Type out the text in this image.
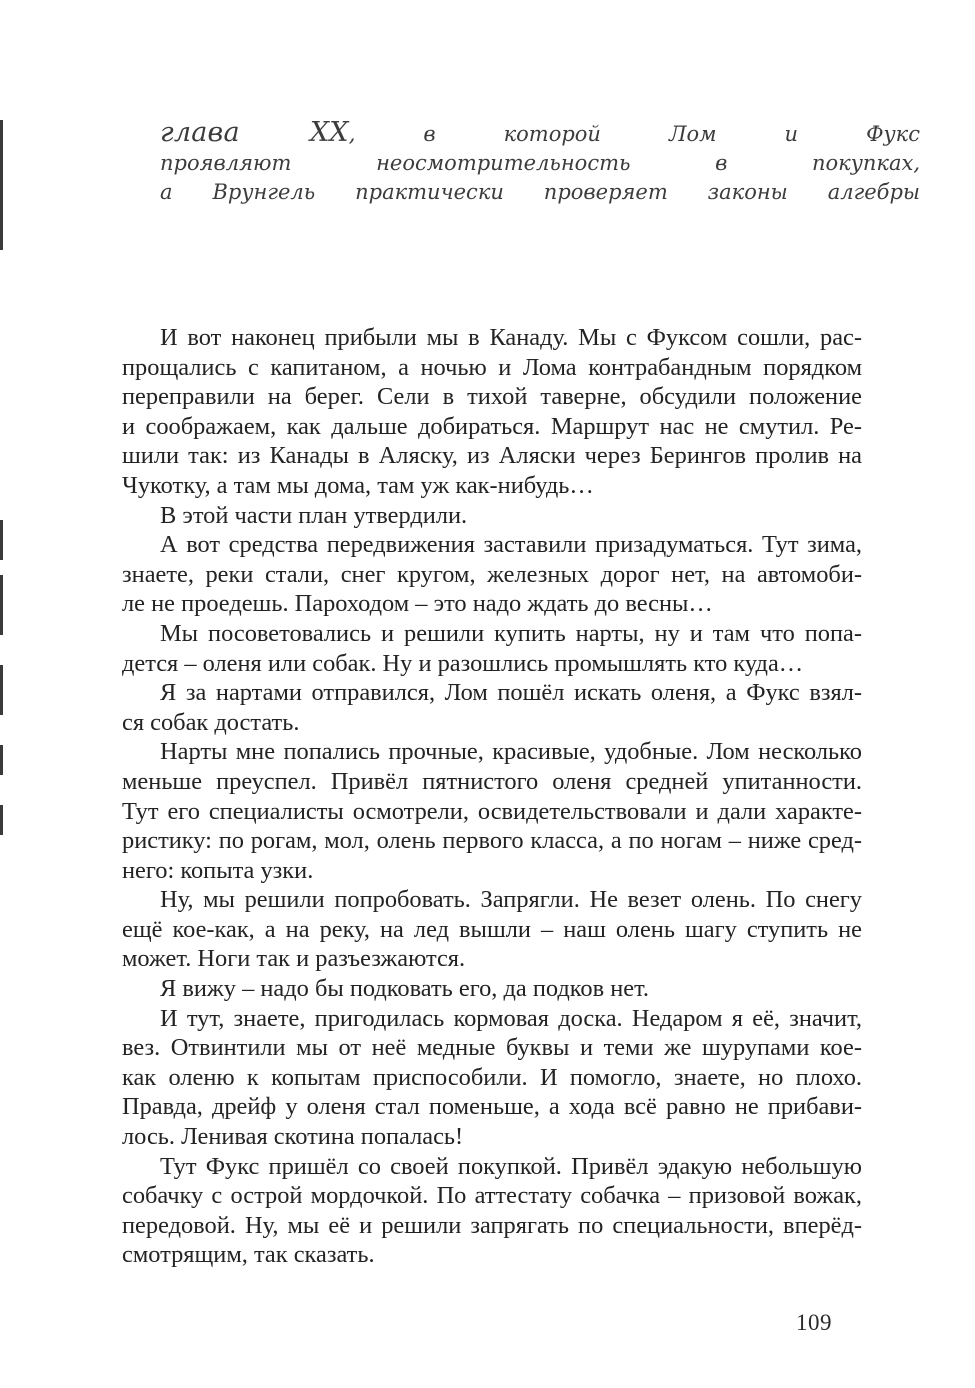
глава XX, в которой Лом и Фукс
проявляют неосмотрительность в покупках,
а Врунгель практически проверяет законы алгебры
И вот наконец прибыли мы в Канаду. Мы с Фуксом сошли, рас-
прощались с капитаном, а ночью и Лома контрабандным порядком
переправили на берег. Сели в тихой таверне, обсудили положение
и соображаем, как дальше добираться. Маршрут нас не смутил. Ре-
шили так: из Канады в Аляску, из Аляски через Берингов пролив на
Чукотку, а там мы дома, там уж как-нибудь…
В этой части план утвердили.
А вот средства передвижения заставили призадуматься. Тут зима,
знаете, реки стали, снег кругом, железных дорог нет, на автомоби-
ле не проедешь. Пароходом – это надо ждать до весны…
Мы посоветовались и решили купить нарты, ну и там что попа-
дется – оленя или собак. Ну и разошлись промышлять кто куда…
Я за нартами отправился, Лом пошёл искать оленя, а Фукс взял-
ся собак достать.
Нарты мне попались прочные, красивые, удобные. Лом несколько
меньше преуспел. Привёл пятнистого оленя средней упитанности.
Тут его специалисты осмотрели, освидетельствовали и дали характе-
ристику: по рогам, мол, олень первого класса, а по ногам – ниже сред-
него: копыта узки.
Ну, мы решили попробовать. Запрягли. Не везет олень. По снегу
ещё кое-как, а на реку, на лед вышли – наш олень шагу ступить не
может. Ноги так и разъезжаются.
Я вижу – надо бы подковать его, да подков нет.
И тут, знаете, пригодилась кормовая доска. Недаром я её, значит,
вез. Отвинтили мы от неё медные буквы и теми же шурупами кое-
как оленю к копытам приспособили. И помогло, знаете, но плохо.
Правда, дрейф у оленя стал поменьше, а хода всё равно не прибави-
лось. Ленивая скотина попалась!
Тут Фукс пришёл со своей покупкой. Привёл эдакую небольшую
собачку с острой мордочкой. По аттестату собачка – призовой вожак,
передовой. Ну, мы её и решили запрягать по специальности, вперёд-
смотрящим, так сказать.
109
